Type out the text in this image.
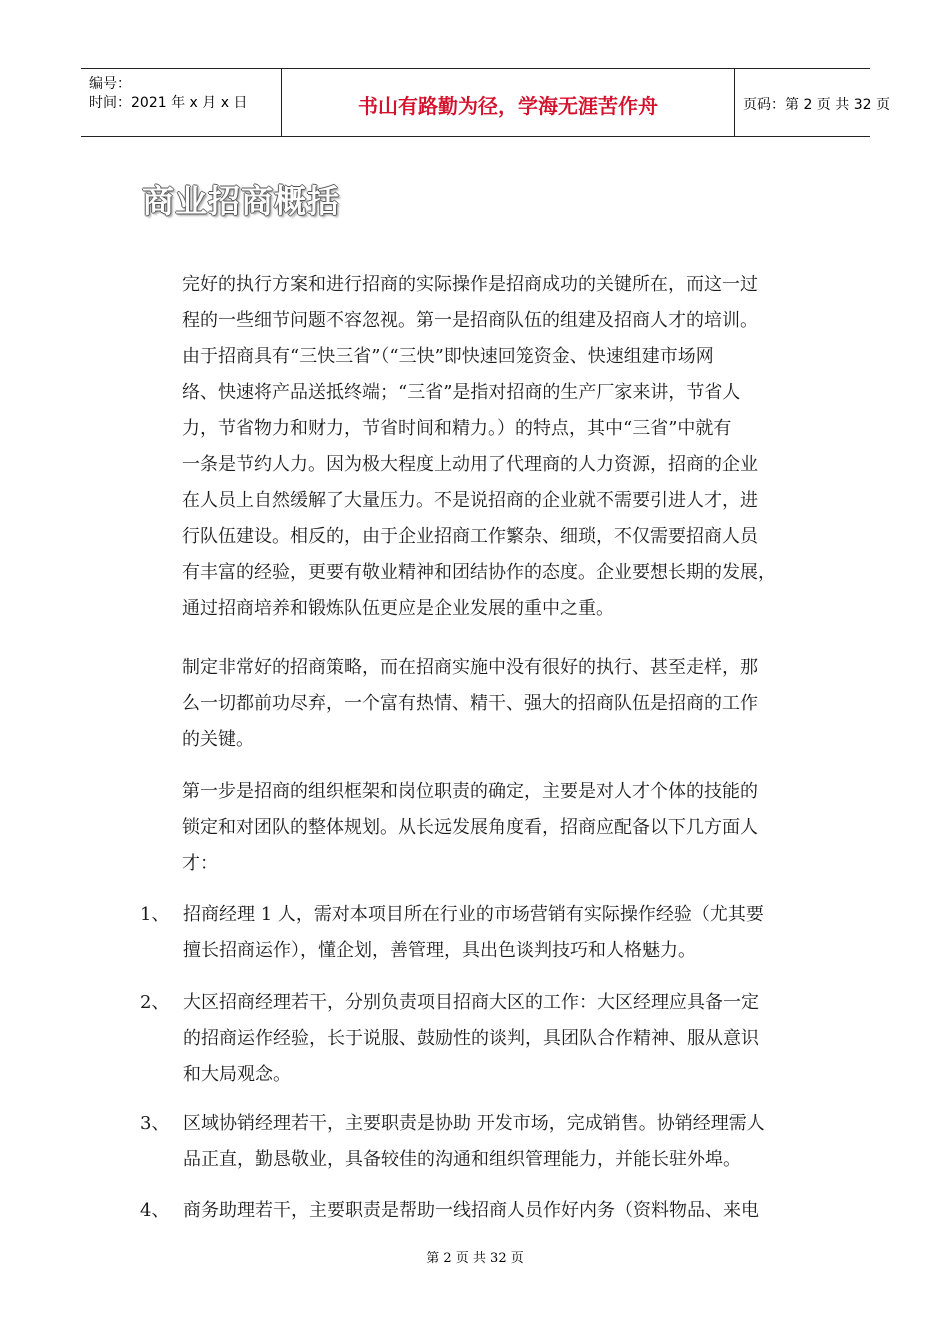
编号：
时间：2021 年 x 月 x 日	书山有路勤为径，学海无涯苦作舟	页码：第 2 页 共 32 页
商业招商概括
完好的执行方案和进行招商的实际操作是招商成功的关键所在，而这一过
程的一些细节问题不容忽视。第一是招商队伍的组建及招商人才的培训。
由于招商具有“三快三省”（“三快”即快速回笼资金、快速组建市场网
络、快速将产品送抵终端；“三省”是指对招商的生产厂家来讲，节省人
力，节省物力和财力，节省时间和精力。）的特点，其中“三省”中就有
一条是节约人力。因为极大程度上动用了代理商的人力资源，招商的企业
在人员上自然缓解了大量压力。不是说招商的企业就不需要引进人才，进
行队伍建设。相反的，由于企业招商工作繁杂、细琐，不仅需要招商人员
有丰富的经验，更要有敬业精神和团结协作的态度。企业要想长期的发展，
通过招商培养和锻炼队伍更应是企业发展的重中之重。
制定非常好的招商策略，而在招商实施中没有很好的执行、甚至走样，那
么一切都前功尽弃，一个富有热情、精干、强大的招商队伍是招商的工作
的关键。
第一步是招商的组织框架和岗位职责的确定，主要是对人才个体的技能的
锁定和对团队的整体规划。从长远发展角度看，招商应配备以下几方面人
才：
1、 招商经理 1 人，需对本项目所在行业的市场营销有实际操作经验（尤其要
擅长招商运作），懂企划，善管理，具出色谈判技巧和人格魅力。
2、 大区招商经理若干，分别负责项目招商大区的工作：大区经理应具备一定
的招商运作经验，长于说服、鼓励性的谈判，具团队合作精神、服从意识
和大局观念。
3、 区域协销经理若干，主要职责是协助 开发市场，完成销售。协销经理需人
品正直，勤恳敬业，具备较佳的沟通和组织管理能力，并能长驻外埠。
4、 商务助理若干，主要职责是帮助一线招商人员作好内务（资料物品、来电
第 2 页 共 32 页
